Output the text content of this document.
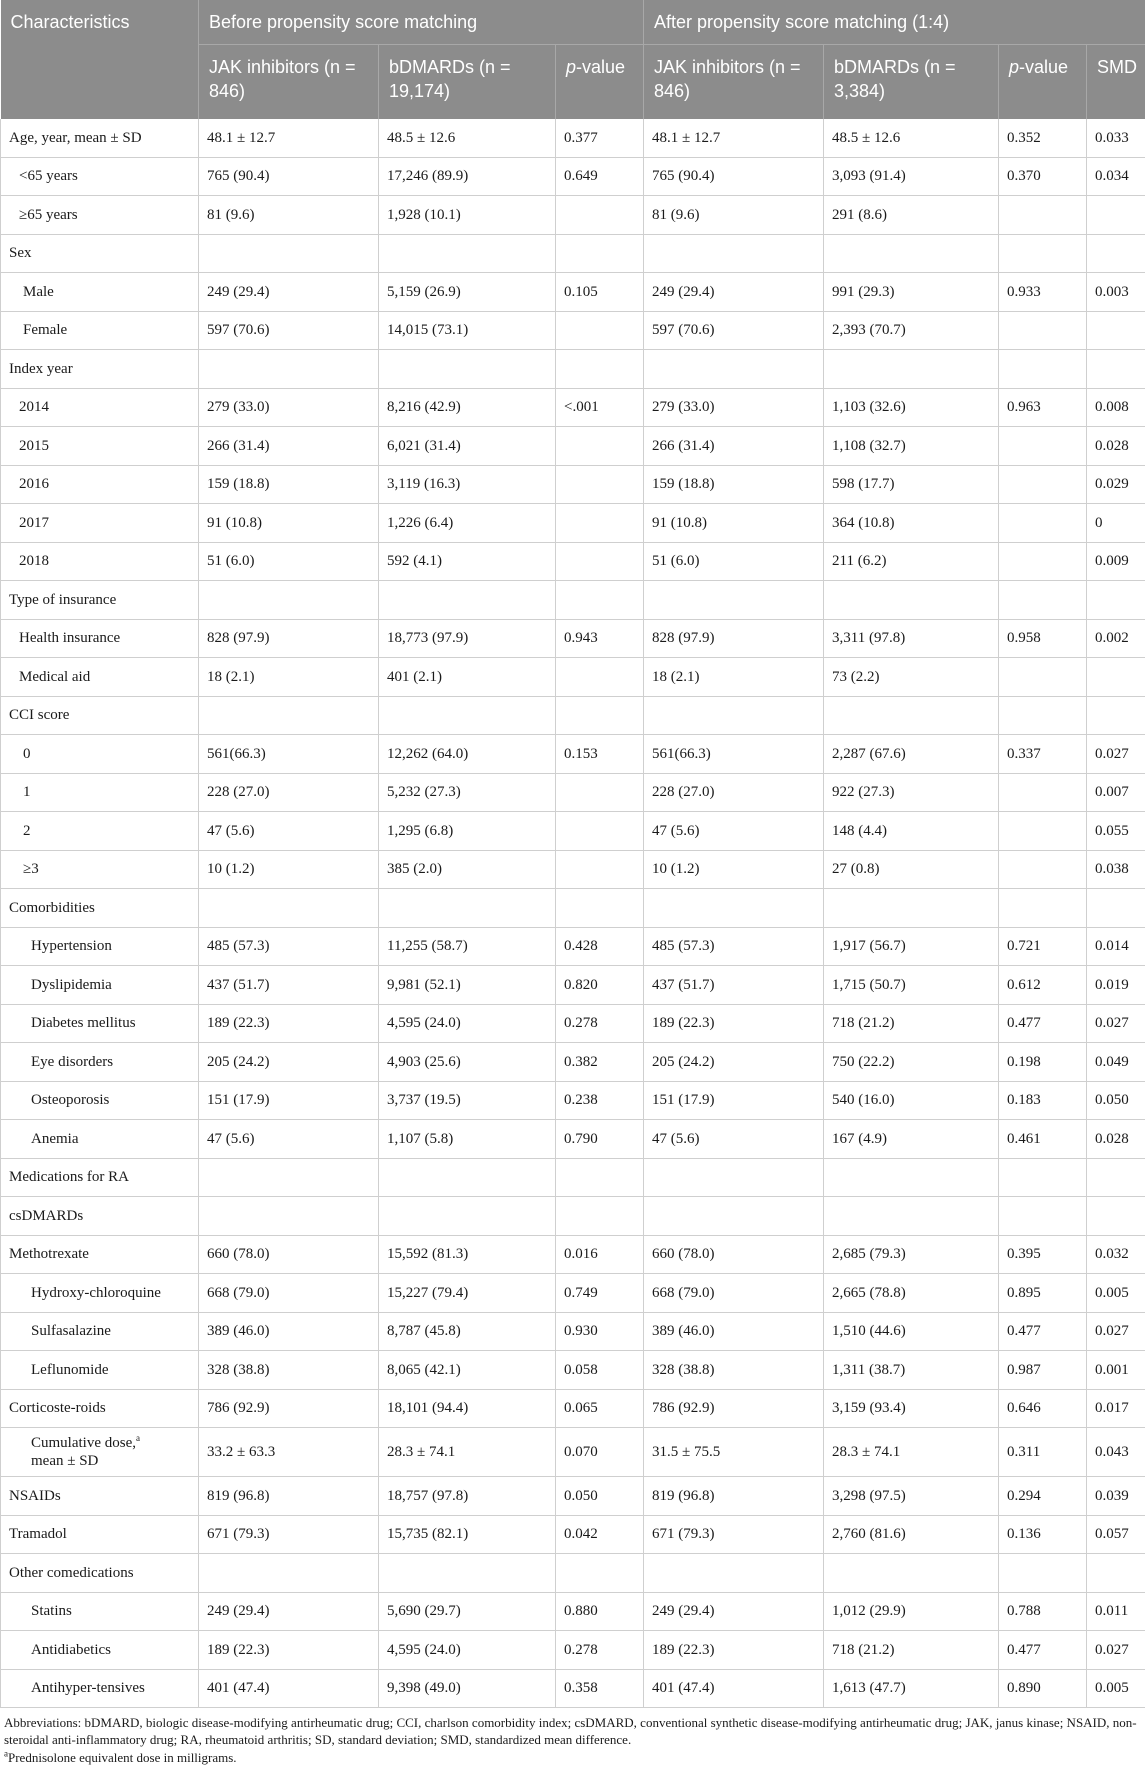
Characteristics	Before propensity score matching			After propensity score matching (1:4)			
	JAK inhibitors (n = 846)	bDMARDs (n = 19,174)	p-value	JAK inhibitors (n = 846)	bDMARDs (n = 3,384)	p-value	SMD
Age, year, mean ± SD	48.1 ± 12.7	48.5 ± 12.6	0.377	48.1 ± 12.7	48.5 ± 12.6	0.352	0.033
<65 years	765 (90.4)	17,246 (89.9)	0.649	765 (90.4)	3,093 (91.4)	0.370	0.034
≥65 years	81 (9.6)	1,928 (10.1)		81 (9.6)	291 (8.6)		
Sex							
Male	249 (29.4)	5,159 (26.9)	0.105	249 (29.4)	991 (29.3)	0.933	0.003
Female	597 (70.6)	14,015 (73.1)		597 (70.6)	2,393 (70.7)		
Index year							
2014	279 (33.0)	8,216 (42.9)	<.001	279 (33.0)	1,103 (32.6)	0.963	0.008
2015	266 (31.4)	6,021 (31.4)		266 (31.4)	1,108 (32.7)		0.028
2016	159 (18.8)	3,119 (16.3)		159 (18.8)	598 (17.7)		0.029
2017	91 (10.8)	1,226 (6.4)		91 (10.8)	364 (10.8)		0
2018	51 (6.0)	592 (4.1)		51 (6.0)	211 (6.2)		0.009
Type of insurance							
Health insurance	828 (97.9)	18,773 (97.9)	0.943	828 (97.9)	3,311 (97.8)	0.958	0.002
Medical aid	18 (2.1)	401 (2.1)		18 (2.1)	73 (2.2)		
CCI score							
0	561(66.3)	12,262 (64.0)	0.153	561(66.3)	2,287 (67.6)	0.337	0.027
1	228 (27.0)	5,232 (27.3)		228 (27.0)	922 (27.3)		0.007
2	47 (5.6)	1,295 (6.8)		47 (5.6)	148 (4.4)		0.055
≥3	10 (1.2)	385 (2.0)		10 (1.2)	27 (0.8)		0.038
Comorbidities							
Hypertension	485 (57.3)	11,255 (58.7)	0.428	485 (57.3)	1,917 (56.7)	0.721	0.014
Dyslipidemia	437 (51.7)	9,981 (52.1)	0.820	437 (51.7)	1,715 (50.7)	0.612	0.019
Diabetes mellitus	189 (22.3)	4,595 (24.0)	0.278	189 (22.3)	718 (21.2)	0.477	0.027
Eye disorders	205 (24.2)	4,903 (25.6)	0.382	205 (24.2)	750 (22.2)	0.198	0.049
Osteoporosis	151 (17.9)	3,737 (19.5)	0.238	151 (17.9)	540 (16.0)	0.183	0.050
Anemia	47 (5.6)	1,107 (5.8)	0.790	47 (5.6)	167 (4.9)	0.461	0.028
Medications for RA							
csDMARDs							
Methotrexate	660 (78.0)	15,592 (81.3)	0.016	660 (78.0)	2,685 (79.3)	0.395	0.032
Hydroxy-chloroquine	668 (79.0)	15,227 (79.4)	0.749	668 (79.0)	2,665 (78.8)	0.895	0.005
Sulfasalazine	389 (46.0)	8,787 (45.8)	0.930	389 (46.0)	1,510 (44.6)	0.477	0.027
Leflunomide	328 (38.8)	8,065 (42.1)	0.058	328 (38.8)	1,311 (38.7)	0.987	0.001
Corticoste-roids	786 (92.9)	18,101 (94.4)	0.065	786 (92.9)	3,159 (93.4)	0.646	0.017
Cumulative dose,$^a$
mean ± SD	33.2 ± 63.3	28.3 ± 74.1	0.070	31.5 ± 75.5	28.3 ± 74.1	0.311	0.043
NSAIDs	819 (96.8)	18,757 (97.8)	0.050	819 (96.8)	3,298 (97.5)	0.294	0.039
Tramadol	671 (79.3)	15,735 (82.1)	0.042	671 (79.3)	2,760 (81.6)	0.136	0.057
Other comedications							
Statins	249 (29.4)	5,690 (29.7)	0.880	249 (29.4)	1,012 (29.9)	0.788	0.011
Antidiabetics	189 (22.3)	4,595 (24.0)	0.278	189 (22.3)	718 (21.2)	0.477	0.027
Antihyper-tensives	401 (47.4)	9,398 (49.0)	0.358	401 (47.4)	1,613 (47.7)	0.890	0.005

Abbreviations: bDMARD, biologic disease-modifying antirheumatic drug; CCI, charlson comorbidity index; csDMARD, conventional synthetic disease-modifying antirheumatic drug; JAK, janus kinase; NSAID, non-steroidal anti-inflammatory drug; RA, rheumatoid arthritis; SD, standard deviation; SMD, standardized mean difference.

$^a$Prednisolone equivalent dose in milligrams.
